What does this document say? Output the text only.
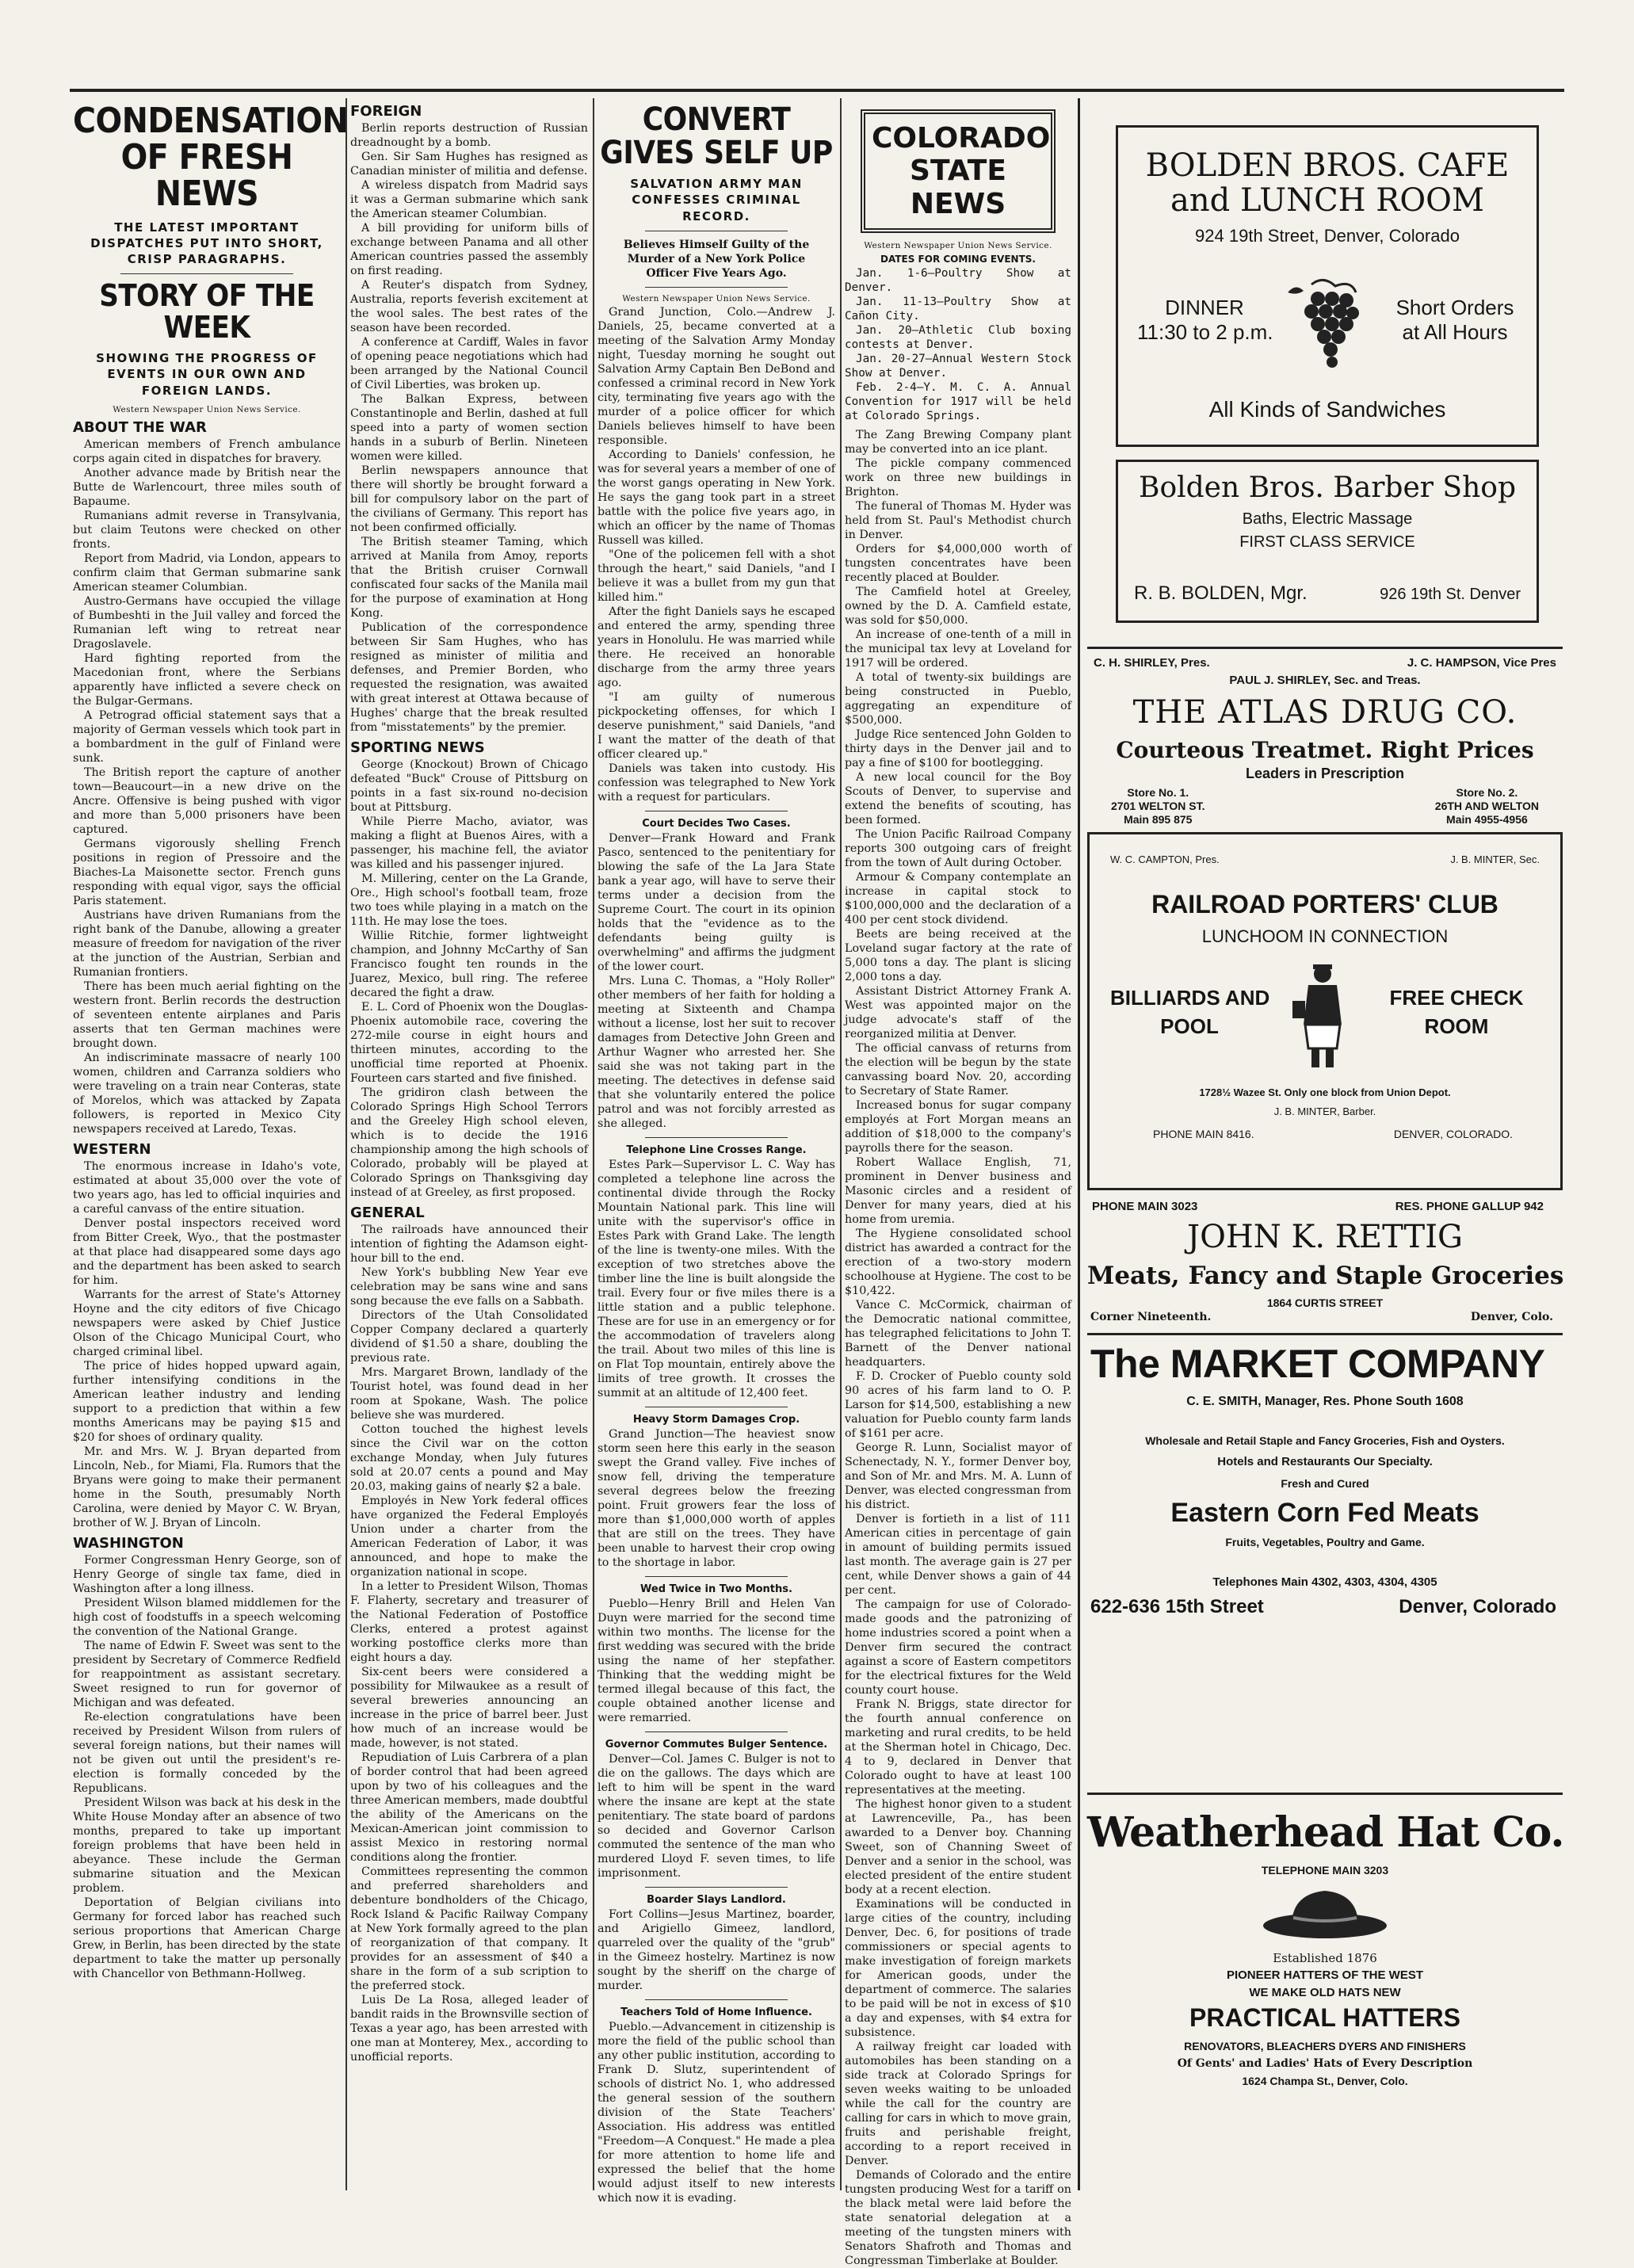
CONDENSATION OF FRESH NEWS
THE LATEST IMPORTANT DISPATCHES PUT INTO SHORT, CRISP PARAGRAPHS.
STORY OF THE WEEK
SHOWING THE PROGRESS OF EVENTS IN OUR OWN AND FOREIGN LANDS.
Western Newspaper Union News Service.
ABOUT THE WAR

American members of French ambulance corps again cited in dispatches for bravery.

Another advance made by British near the Butte de Warlencourt, three miles south of Bapaume.

Rumanians admit reverse in Transylvania, but claim Teutons were checked on other fronts.

Report from Madrid, via London, appears to confirm claim that German submarine sank American steamer Columbian.

Austro-Germans have occupied the village of Bumbeshti in the Juil valley and forced the Rumanian left wing to retreat near Dragoslavele.

Hard fighting reported from the Macedonian front, where the Serbians apparently have inflicted a severe check on the Bulgar-Germans.

A Petrograd official statement says that a majority of German vessels which took part in a bombardment in the gulf of Finland were sunk.

The British report the capture of another town—Beaucourt—in a new drive on the Ancre. Offensive is being pushed with vigor and more than 5,000 prisoners have been captured.

Germans vigorously shelling French positions in region of Pressoire and the Biaches-La Maisonette sector. French guns responding with equal vigor, says the official Paris statement.

Austrians have driven Rumanians from the right bank of the Danube, allowing a greater measure of freedom for navigation of the river at the junction of the Austrian, Serbian and Rumanian frontiers.

There has been much aerial fighting on the western front. Berlin records the destruction of seventeen entente airplanes and Paris asserts that ten German machines were brought down.

An indiscriminate massacre of nearly 100 women, children and Carranza soldiers who were traveling on a train near Conteras, state of Morelos, which was attacked by Zapata followers, is reported in Mexico City newspapers received at Laredo, Texas.

WESTERN

The enormous increase in Idaho's vote, estimated at about 35,000 over the vote of two years ago, has led to official inquiries and a careful canvass of the entire situation.

Denver postal inspectors received word from Bitter Creek, Wyo., that the postmaster at that place had disappeared some days ago and the department has been asked to search for him.

Warrants for the arrest of State's Attorney Hoyne and the city editors of five Chicago newspapers were asked by Chief Justice Olson of the Chicago Municipal Court, who charged criminal libel.

The price of hides hopped upward again, further intensifying conditions in the American leather industry and lending support to a prediction that within a few months Americans may be paying $15 and $20 for shoes of ordinary quality.

Mr. and Mrs. W. J. Bryan departed from Lincoln, Neb., for Miami, Fla. Rumors that the Bryans were going to make their permanent home in the South, presumably North Carolina, were denied by Mayor C. W. Bryan, brother of W. J. Bryan of Lincoln.

WASHINGTON

Former Congressman Henry George, son of Henry George of single tax fame, died in Washington after a long illness.

President Wilson blamed middlemen for the high cost of foodstuffs in a speech welcoming the convention of the National Grange.

The name of Edwin F. Sweet was sent to the president by Secretary of Commerce Redfield for reappointment as assistant secretary. Sweet resigned to run for governor of Michigan and was defeated.

Re-election congratulations have been received by President Wilson from rulers of several foreign nations, but their names will not be given out until the president's re-election is formally conceded by the Republicans.

President Wilson was back at his desk in the White House Monday after an absence of two months, prepared to take up important foreign problems that have been held in abeyance. These include the German submarine situation and the Mexican problem.

Deportation of Belgian civilians into Germany for forced labor has reached such serious proportions that American Charge Grew, in Berlin, has been directed by the state department to take the matter up personally with Chancellor von Bethmann-Hollweg.

FOREIGN

Berlin reports destruction of Russian dreadnought by a bomb.

Gen. Sir Sam Hughes has resigned as Canadian minister of militia and defense.

A wireless dispatch from Madrid says it was a German submarine which sank the American steamer Columbian.

A bill providing for uniform bills of exchange between Panama and all other American countries passed the assembly on first reading.

A Reuter's dispatch from Sydney, Australia, reports feverish excitement at the wool sales. The best rates of the season have been recorded.

A conference at Cardiff, Wales in favor of opening peace negotiations which had been arranged by the National Council of Civil Liberties, was broken up.

The Balkan Express, between Constantinople and Berlin, dashed at full speed into a party of women section hands in a suburb of Berlin. Nineteen women were killed.

Berlin newspapers announce that there will shortly be brought forward a bill for compulsory labor on the part of the civilians of Germany. This report has not been confirmed officially.

The British steamer Taming, which arrived at Manila from Amoy, reports that the British cruiser Cornwall confiscated four sacks of the Manila mail for the purpose of examination at Hong Kong.

Publication of the correspondence between Sir Sam Hughes, who has resigned as minister of militia and defenses, and Premier Borden, who requested the resignation, was awaited with great interest at Ottawa because of Hughes' charge that the break resulted from "misstatements" by the premier.

SPORTING NEWS

George (Knockout) Brown of Chicago defeated "Buck" Crouse of Pittsburg on points in a fast six-round no-decision bout at Pittsburg.

While Pierre Macho, aviator, was making a flight at Buenos Aires, with a passenger, his machine fell, the aviator was killed and his passenger injured.

M. Millering, center on the La Grande, Ore., High school's football team, froze two toes while playing in a match on the 11th. He may lose the toes.

Willie Ritchie, former lightweight champion, and Johnny McCarthy of San Francisco fought ten rounds in the Juarez, Mexico, bull ring. The referee decared the fight a draw.

E. L. Cord of Phoenix won the Douglas-Phoenix automobile race, covering the 272-mile course in eight hours and thirteen minutes, according to the unofficial time reported at Phoenix. Fourteen cars started and five finished.

The gridiron clash between the Colorado Springs High School Terrors and the Greeley High school eleven, which is to decide the 1916 championship among the high schools of Colorado, probably will be played at Colorado Springs on Thanksgiving day instead of at Greeley, as first proposed.

GENERAL

The railroads have announced their intention of fighting the Adamson eight-hour bill to the end.

New York's bubbling New Year eve celebration may be sans wine and sans song because the eve falls on a Sabbath.

Directors of the Utah Consolidated Copper Company declared a quarterly dividend of $1.50 a share, doubling the previous rate.

Mrs. Margaret Brown, landlady of the Tourist hotel, was found dead in her room at Spokane, Wash. The police believe she was murdered.

Cotton touched the highest levels since the Civil war on the cotton exchange Monday, when July futures sold at 20.07 cents a pound and May 20.03, making gains of nearly $2 a bale.

Employés in New York federal offices have organized the Federal Employés Union under a charter from the American Federation of Labor, it was announced, and hope to make the organization national in scope.

In a letter to President Wilson, Thomas F. Flaherty, secretary and treasurer of the National Federation of Postoffice Clerks, entered a protest against working postoffice clerks more than eight hours a day.

Six-cent beers were considered a possibility for Milwaukee as a result of several breweries announcing an increase in the price of barrel beer. Just how much of an increase would be made, however, is not stated.

Repudiation of Luis Carbrera of a plan of border control that had been agreed upon by two of his colleagues and the three American members, made doubtful the ability of the Americans on the Mexican-American joint commission to assist Mexico in restoring normal conditions along the frontier.

Committees representing the common and preferred shareholders and debenture bondholders of the Chicago, Rock Island & Pacific Railway Company at New York formally agreed to the plan of reorganization of that company. It provides for an assessment of $40 a share in the form of a sub scription to the preferred stock.

Luis De La Rosa, alleged leader of bandit raids in the Brownsville section of Texas a year ago, has been arrested with one man at Monterey, Mex., according to unofficial reports.

CONVERT GIVES SELF UP
SALVATION ARMY MAN CONFESSES CRIMINAL RECORD.
Believes Himself Guilty of the Murder of a New York Police Officer Five Years Ago.
Western Newspaper Union News Service.

Grand Junction, Colo.—Andrew J. Daniels, 25, became converted at a meeting of the Salvation Army Monday night, Tuesday morning he sought out Salvation Army Captain Ben DeBond and confessed a criminal record in New York city, terminating five years ago with the murder of a police officer for which Daniels believes himself to have been responsible.

According to Daniels' confession, he was for several years a member of one of the worst gangs operating in New York. He says the gang took part in a street battle with the police five years ago, in which an officer by the name of Thomas Russell was killed.

"One of the policemen fell with a shot through the heart," said Daniels, "and I believe it was a bullet from my gun that killed him."

After the fight Daniels says he escaped and entered the army, spending three years in Honolulu. He was married while there. He received an honorable discharge from the army three years ago.

"I am guilty of numerous pickpocketing offenses, for which I deserve punishment," said Daniels, "and I want the matter of the death of that officer cleared up."

Daniels was taken into custody. His confession was telegraphed to New York with a request for particulars.

Court Decides Two Cases.

Denver—Frank Howard and Frank Pasco, sentenced to the penitentiary for blowing the safe of the La Jara State bank a year ago, will have to serve their terms under a decision from the Supreme Court. The court in its opinion holds that the "evidence as to the defendants being guilty is overwhelming" and affirms the judgment of the lower court.

Mrs. Luna C. Thomas, a "Holy Roller" other members of her faith for holding a meeting at Sixteenth and Champa without a license, lost her suit to recover damages from Detective John Green and Arthur Wagner who arrested her. She said she was not taking part in the meeting. The detectives in defense said that she voluntarily entered the police patrol and was not forcibly arrested as she alleged.

Telephone Line Crosses Range.

Estes Park—Supervisor L. C. Way has completed a telephone line across the continental divide through the Rocky Mountain National park. This line will unite with the supervisor's office in Estes Park with Grand Lake. The length of the line is twenty-one miles. With the exception of two stretches above the timber line the line is built alongside the trail. Every four or five miles there is a little station and a public telephone. These are for use in an emergency or for the accommodation of travelers along the trail. About two miles of this line is on Flat Top mountain, entirely above the limits of tree growth. It crosses the summit at an altitude of 12,400 feet.

Heavy Storm Damages Crop.

Grand Junction—The heaviest snow storm seen here this early in the season swept the Grand valley. Five inches of snow fell, driving the temperature several degrees below the freezing point. Fruit growers fear the loss of more than $1,000,000 worth of apples that are still on the trees. They have been unable to harvest their crop owing to the shortage in labor.

Wed Twice in Two Months.

Pueblo—Henry Brill and Helen Van Duyn were married for the second time within two months. The license for the first wedding was secured with the bride using the name of her stepfather. Thinking that the wedding might be termed illegal because of this fact, the couple obtained another license and were remarried.

Governor Commutes Bulger Sentence.

Denver—Col. James C. Bulger is not to die on the gallows. The days which are left to him will be spent in the ward where the insane are kept at the state penitentiary. The state board of pardons so decided and Governor Carlson commuted the sentence of the man who murdered Lloyd F. seven times, to life imprisonment.

Boarder Slays Landlord.

Fort Collins—Jesus Martinez, boarder, and Arigiello Gimeez, landlord, quarreled over the quality of the "grub" in the Gimeez hostelry. Martinez is now sought by the sheriff on the charge of murder.

Teachers Told of Home Influence.

Pueblo.—Advancement in citizenship is more the field of the public school than any other public institution, according to Frank D. Slutz, superintendent of schools of district No. 1, who addressed the general session of the southern division of the State Teachers' Association. His address was entitled "Freedom—A Conquest." He made a plea for more attention to home life and expressed the belief that the home would adjust itself to new interests which now it is evading.

COLORADO STATE NEWS
Western Newspaper Union News Service.
DATES FOR COMING EVENTS.

Jan. 1-6—Poultry Show at Denver.

Jan. 11-13—Poultry Show at Cañon City.

Jan. 20—Athletic Club boxing contests at Denver.

Jan. 20-27—Annual Western Stock Show at Denver.

Feb. 2-4—Y. M. C. A. Annual Convention for 1917 will be held at Colorado Springs.

The Zang Brewing Company plant may be converted into an ice plant.

The pickle company commenced work on three new buildings in Brighton.

The funeral of Thomas M. Hyder was held from St. Paul's Methodist church in Denver.

Orders for $4,000,000 worth of tungsten concentrates have been recently placed at Boulder.

The Camfield hotel at Greeley, owned by the D. A. Camfield estate, was sold for $50,000.

An increase of one-tenth of a mill in the municipal tax levy at Loveland for 1917 will be ordered.

A total of twenty-six buildings are being constructed in Pueblo, aggregating an expenditure of $500,000.

Judge Rice sentenced John Golden to thirty days in the Denver jail and to pay a fine of $100 for bootlegging.

A new local council for the Boy Scouts of Denver, to supervise and extend the benefits of scouting, has been formed.

The Union Pacific Railroad Company reports 300 outgoing cars of freight from the town of Ault during October.

Armour & Company contemplate an increase in capital stock to $100,000,000 and the declaration of a 400 per cent stock dividend.

Beets are being received at the Loveland sugar factory at the rate of 5,000 tons a day. The plant is slicing 2,000 tons a day.

Assistant District Attorney Frank A. West was appointed major on the judge advocate's staff of the reorganized militia at Denver.

The official canvass of returns from the election will be begun by the state canvassing board Nov. 20, according to Secretary of State Ramer.

Increased bonus for sugar company employés at Fort Morgan means an addition of $18,000 to the company's payrolls there for the season.

Robert Wallace English, 71, prominent in Denver business and Masonic circles and a resident of Denver for many years, died at his home from uremia.

The Hygiene consolidated school district has awarded a contract for the erection of a two-story modern schoolhouse at Hygiene. The cost to be $10,422.

Vance C. McCormick, chairman of the Democratic national committee, has telegraphed felicitations to John T. Barnett of the Denver national headquarters.

F. D. Crocker of Pueblo county sold 90 acres of his farm land to O. P. Larson for $14,500, establishing a new valuation for Pueblo county farm lands of $161 per acre.

George R. Lunn, Socialist mayor of Schenectady, N. Y., former Denver boy, and Son of Mr. and Mrs. M. A. Lunn of Denver, was elected congressman from his district.

Denver is fortieth in a list of 111 American cities in percentage of gain in amount of building permits issued last month. The average gain is 27 per cent, while Denver shows a gain of 44 per cent.

The campaign for use of Colorado-made goods and the patronizing of home industries scored a point when a Denver firm secured the contract against a score of Eastern competitors for the electrical fixtures for the Weld county court house.

Frank N. Briggs, state director for the fourth annual conference on marketing and rural credits, to be held at the Sherman hotel in Chicago, Dec. 4 to 9, declared in Denver that Colorado ought to have at least 100 representatives at the meeting.

The highest honor given to a student at Lawrenceville, Pa., has been awarded to a Denver boy. Channing Sweet, son of Channing Sweet of Denver and a senior in the school, was elected president of the entire student body at a recent election.

Examinations will be conducted in large cities of the country, including Denver, Dec. 6, for positions of trade commissioners or special agents to make investigation of foreign markets for American goods, under the department of commerce. The salaries to be paid will be not in excess of $10 a day and expenses, with $4 extra for subsistence.

A railway freight car loaded with automobiles has been standing on a side track at Colorado Springs for seven weeks waiting to be unloaded while the call for the country are calling for cars in which to move grain, fruits and perishable freight, according to a report received in Denver.

Demands of Colorado and the entire tungsten producing West for a tariff on the black metal were laid before the state senatorial delegation at a meeting of the tungsten miners with Senators Shafroth and Thomas and Congressman Timberlake at Boulder.

BOLDEN BROS. CAFE
and LUNCH ROOM
924 19th Street, Denver, Colorado
DINNER
11:30 to 2 p.m.
Short Orders
at All Hours
All Kinds of Sandwiches
Bolden Bros. Barber Shop
Baths, Electric Massage
FIRST CLASS SERVICE
R. B. BOLDEN, Mgr.	926 19th St. Denver
C. H. SHIRLEY, Pres.	J. C. HAMPSON, Vice Pres
PAUL J. SHIRLEY, Sec. and Treas.
THE ATLAS DRUG CO.
Courteous Treatmet. Right Prices
Leaders in Prescription
Store No. 1.
2701 WELTON ST.
Main 895 875
Store No. 2.
26TH AND WELTON
Main 4955-4956
W. C. CAMPTON, Pres.	J. B. MINTER, Sec.
RAILROAD PORTERS' CLUB
LUNCHOOM IN CONNECTION
BILLIARDS AND
POOL
FREE CHECK
ROOM
1728½ Wazee St. Only one block from Union Depot.
J. B. MINTER, Barber.
PHONE MAIN 8416.	DENVER, COLORADO.
PHONE MAIN 3023	RES. PHONE GALLUP 942
JOHN K. RETTIG
Meats, Fancy and Staple Groceries
1864 CURTIS STREET
Corner Nineteenth.	Denver, Colo.
The MARKET COMPANY
C. E. SMITH, Manager, Res. Phone South 1608
Wholesale and Retail Staple and Fancy Groceries, Fish and Oysters.
Hotels and Restaurants Our Specialty.
Fresh and Cured
Eastern Corn Fed Meats
Fruits, Vegetables, Poultry and Game.
Telephones Main 4302, 4303, 4304, 4305
622-636 15th Street	Denver, Colorado
Weatherhead Hat Co.
TELEPHONE MAIN 3203
Established 1876
PIONEER HATTERS OF THE WEST
WE MAKE OLD HATS NEW
PRACTICAL HATTERS
RENOVATORS, BLEACHERS DYERS AND FINISHERS
Of Gents' and Ladies' Hats of Every Description
1624 Champa St., Denver, Colo.
